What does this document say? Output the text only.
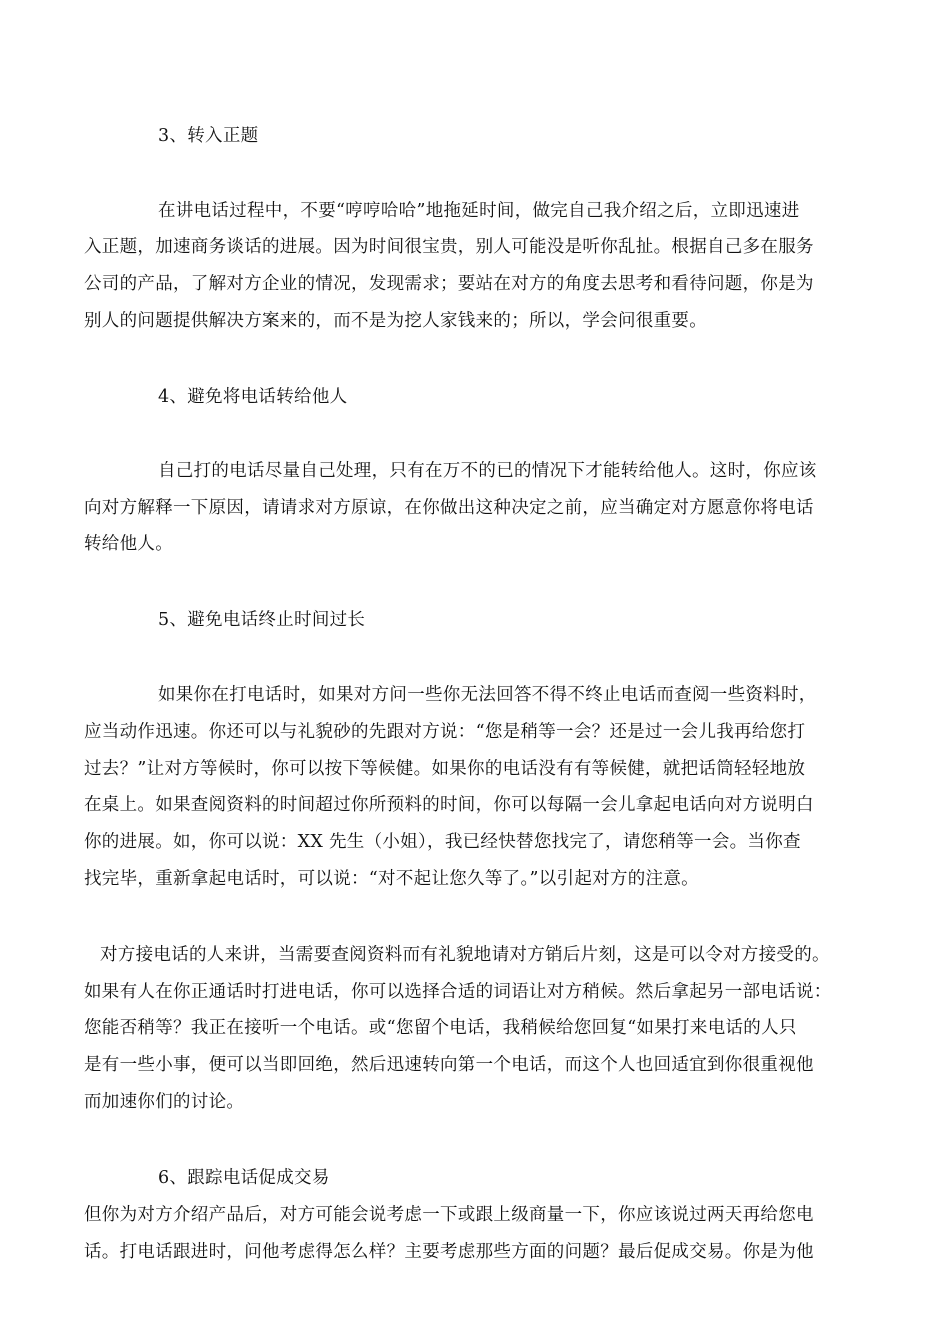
3、转入正题
在讲电话过程中，不要“哼哼哈哈”地拖延时间，做完自己我介绍之后，立即迅速进
入正题，加速商务谈话的进展。因为时间很宝贵，别人可能没是听你乱扯。根据自己多在服务
公司的产品，了解对方企业的情况，发现需求；要站在对方的角度去思考和看待问题，你是为
别人的问题提供解决方案来的，而不是为挖人家钱来的；所以，学会问很重要。
4、避免将电话转给他人
自己打的电话尽量自己处理，只有在万不的已的情况下才能转给他人。这时，你应该
向对方解释一下原因，请请求对方原谅，在你做出这种决定之前，应当确定对方愿意你将电话
转给他人。
5、避免电话终止时间过长
如果你在打电话时，如果对方问一些你无法回答不得不终止电话而查阅一些资料时，
应当动作迅速。你还可以与礼貌砂的先跟对方说：“您是稍等一会？还是过一会儿我再给您打
过去？”让对方等候时，你可以按下等候健。如果你的电话没有有等候健，就把话筒轻轻地放
在桌上。如果查阅资料的时间超过你所预料的时间，你可以每隔一会儿拿起电话向对方说明白
你的进展。如，你可以说：XX 先生（小姐），我已经快替您找完了，请您稍等一会。当你查
找完毕，重新拿起电话时，可以说：“对不起让您久等了。”以引起对方的注意。
对方接电话的人来讲，当需要查阅资料而有礼貌地请对方销后片刻，这是可以令对方接受的。
如果有人在你正通话时打进电话，你可以选择合适的词语让对方稍候。然后拿起另一部电话说：
您能否稍等？我正在接听一个电话。或“您留个电话，我稍候给您回复“如果打来电话的人只
是有一些小事，便可以当即回绝，然后迅速转向第一个电话，而这个人也回适宜到你很重视他
而加速你们的讨论。
6、跟踪电话促成交易
但你为对方介绍产品后，对方可能会说考虑一下或跟上级商量一下，你应该说过两天再给您电
话。打电话跟进时，问他考虑得怎么样？主要考虑那些方面的问题？最后促成交易。你是为他
